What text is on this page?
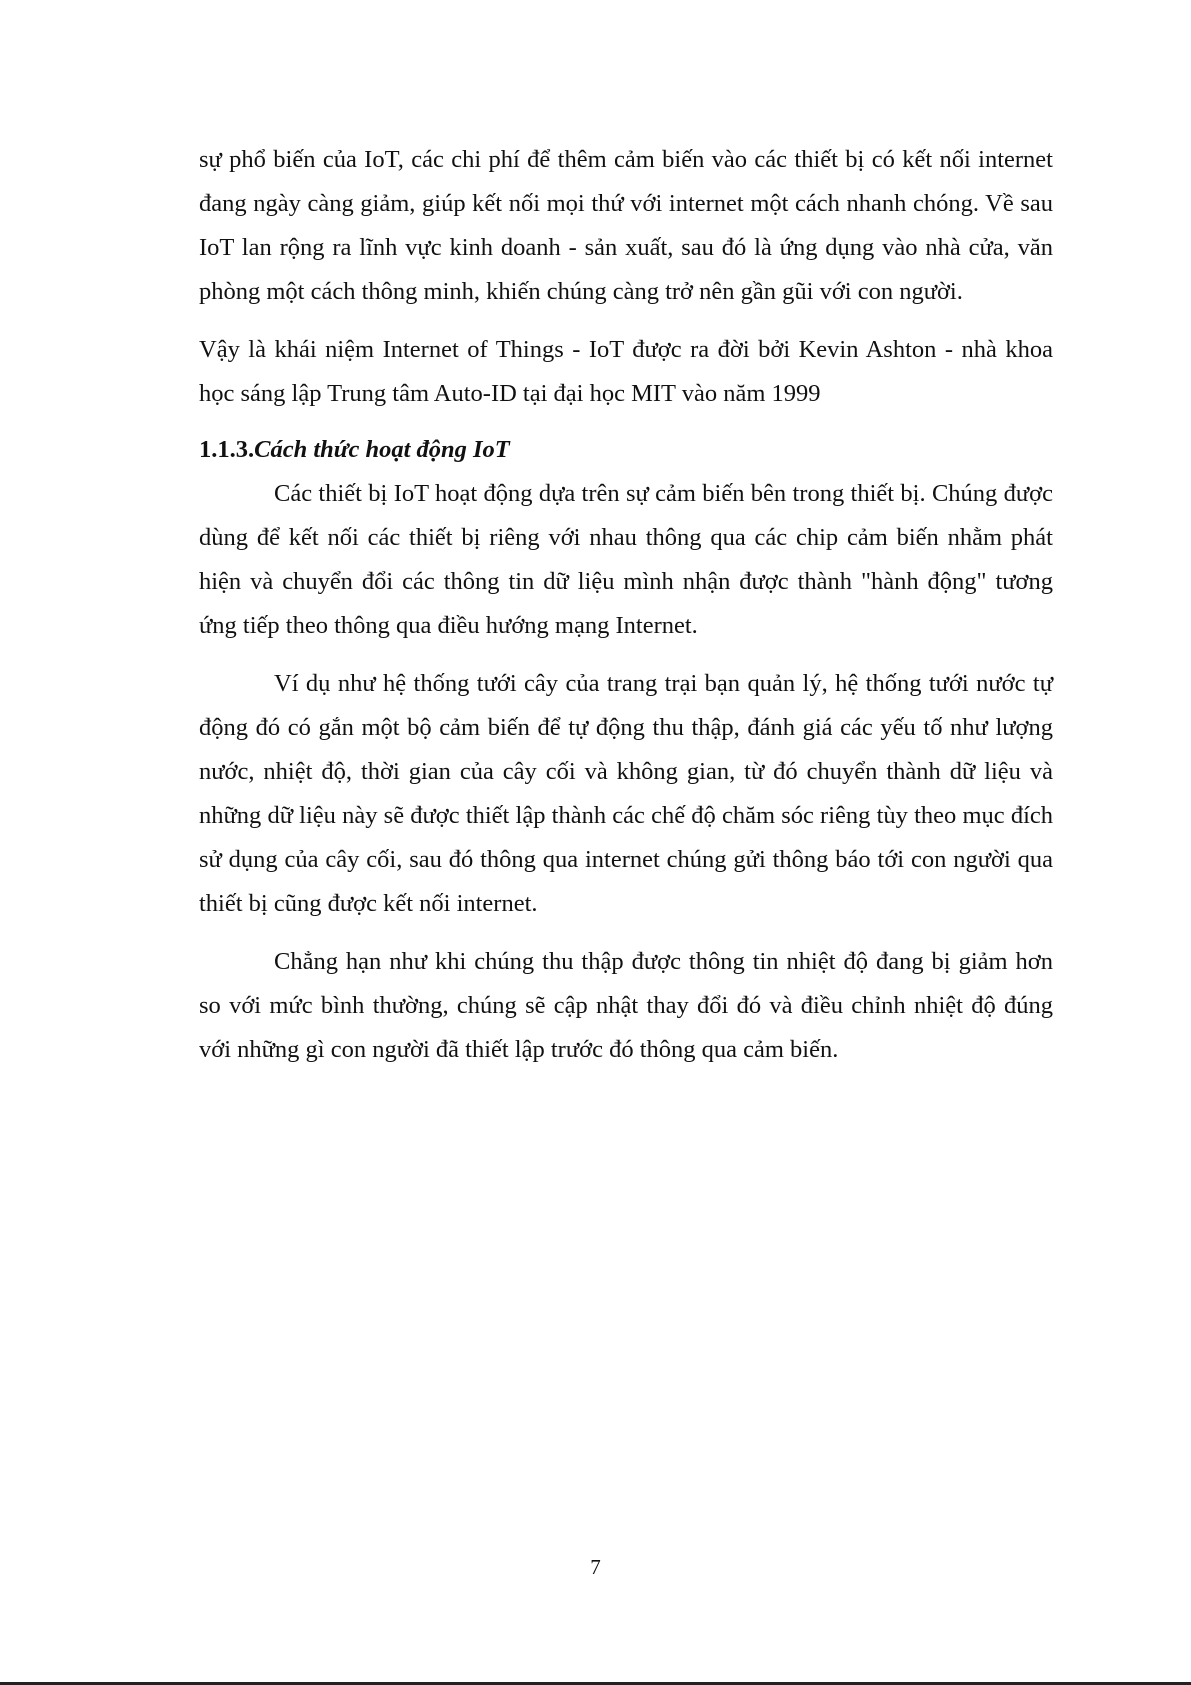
sự phổ biến của IoT, các chi phí để thêm cảm biến vào các thiết bị có kết nối internet đang ngày càng giảm, giúp kết nối mọi thứ với internet một cách nhanh chóng. Về sau IoT lan rộng ra lĩnh vực kinh doanh - sản xuất, sau đó là ứng dụng vào nhà cửa, văn phòng một cách thông minh, khiến chúng càng trở nên gần gũi với con người.

Vậy là khái niệm Internet of Things - IoT được ra đời bởi Kevin Ashton - nhà khoa học sáng lập Trung tâm Auto-ID tại đại học MIT vào năm 1999

1.1.3.Cách thức hoạt động IoT

Các thiết bị IoT hoạt động dựa trên sự cảm biến bên trong thiết bị. Chúng được dùng để kết nối các thiết bị riêng với nhau thông qua các chip cảm biến nhằm phát hiện và chuyển đổi các thông tin dữ liệu mình nhận được thành "hành động" tương ứng tiếp theo thông qua điều hướng mạng Internet.

Ví dụ như hệ thống tưới cây của trang trại bạn quản lý, hệ thống tưới nước tự động đó có gắn một bộ cảm biến để tự động thu thập, đánh giá các yếu tố như lượng nước, nhiệt độ, thời gian của cây cối và không gian, từ đó chuyển thành dữ liệu và những dữ liệu này sẽ được thiết lập thành các chế độ chăm sóc riêng tùy theo mục đích sử dụng của cây cối, sau đó thông qua internet chúng gửi thông báo tới con người qua thiết bị cũng được kết nối internet.

Chẳng hạn như khi chúng thu thập được thông tin nhiệt độ đang bị giảm hơn so với mức bình thường, chúng sẽ cập nhật thay đổi đó và điều chỉnh nhiệt độ đúng với những gì con người đã thiết lập trước đó thông qua cảm biến.

7
